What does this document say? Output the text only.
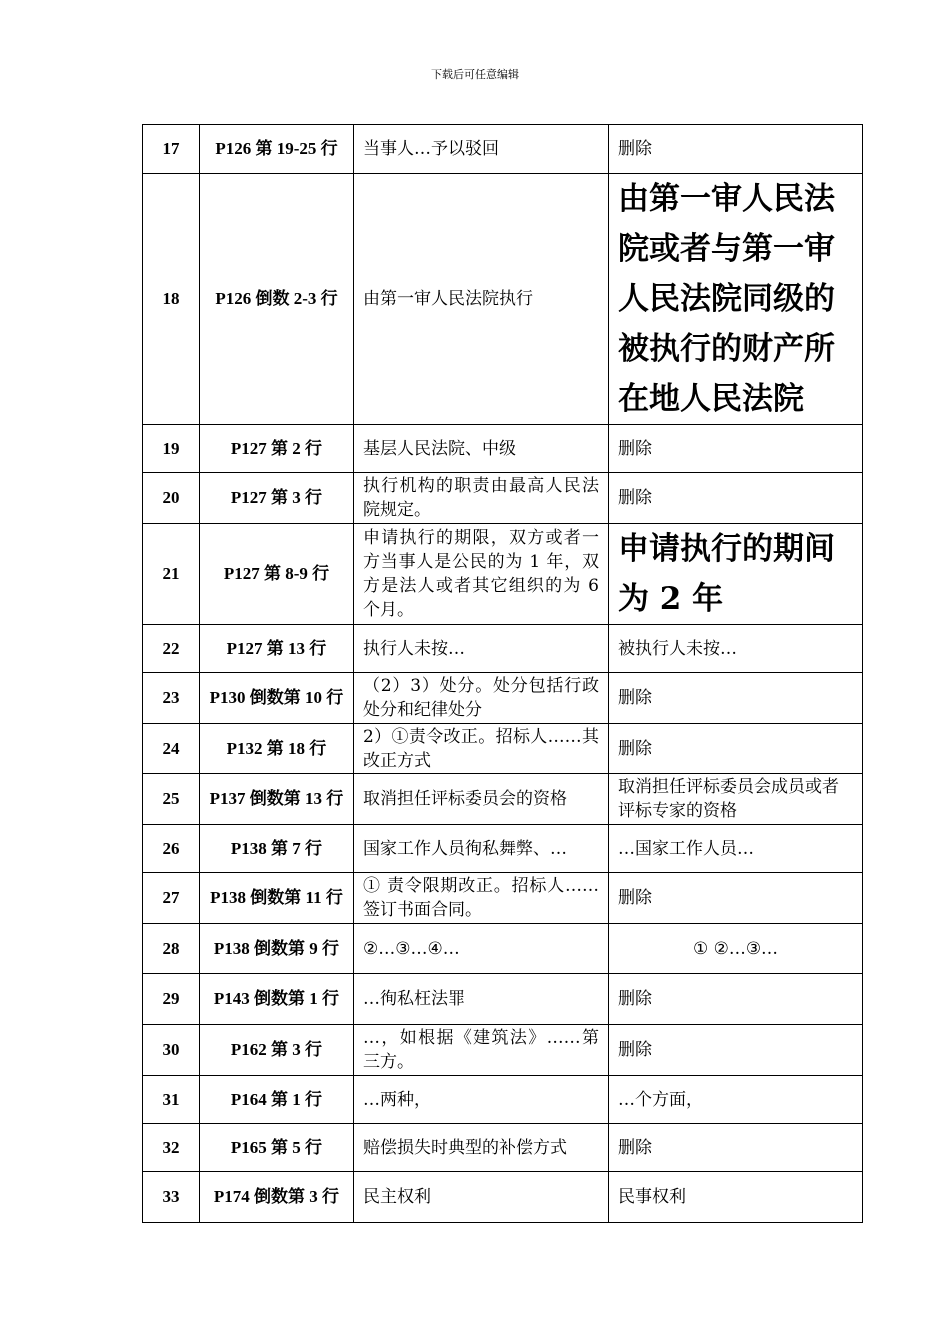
下载后可任意编辑
17	P126 第 19-25 行	当事人…予以驳回	删除
18	P126 倒数 2-3 行	由第一审人民法院执行	由第一审人民法院或者与第一审人民法院同级的被执行的财产所在地人民法院
19	P127 第 2 行	基层人民法院、中级	删除
20	P127 第 3 行	执行机构的职责由最高人民法院规定。	删除
21	P127 第 8-9 行	申请执行的期限，双方或者一方当事人是公民的为 1 年，双方是法人或者其它组织的为 6 个月。	申请执行的期间为 2 年
22	P127 第 13 行	执行人未按…	被执行人未按…
23	P130 倒数第 10 行	（2）3）处分。处分包括行政处分和纪律处分	删除
24	P132 第 18 行	2）①责令改正。招标人……其改正方式	删除
25	P137 倒数第 13 行	取消担任评标委员会的资格	取消担任评标委员会成员或者评标专家的资格
26	P138 第 7 行	国家工作人员徇私舞弊、…	…国家工作人员…
27	P138 倒数第 11 行	① 责令限期改正。招标人……签订书面合同。	删除
28	P138 倒数第 9 行	②…③…④…	① ②…③…
29	P143 倒数第 1 行	…徇私枉法罪	删除
30	P162 第 3 行	…，如根据《建筑法》……第三方。	删除
31	P164 第 1 行	…两种，	…个方面，
32	P165 第 5 行	赔偿损失时典型的补偿方式	删除
33	P174 倒数第 3 行	民主权利	民事权利
